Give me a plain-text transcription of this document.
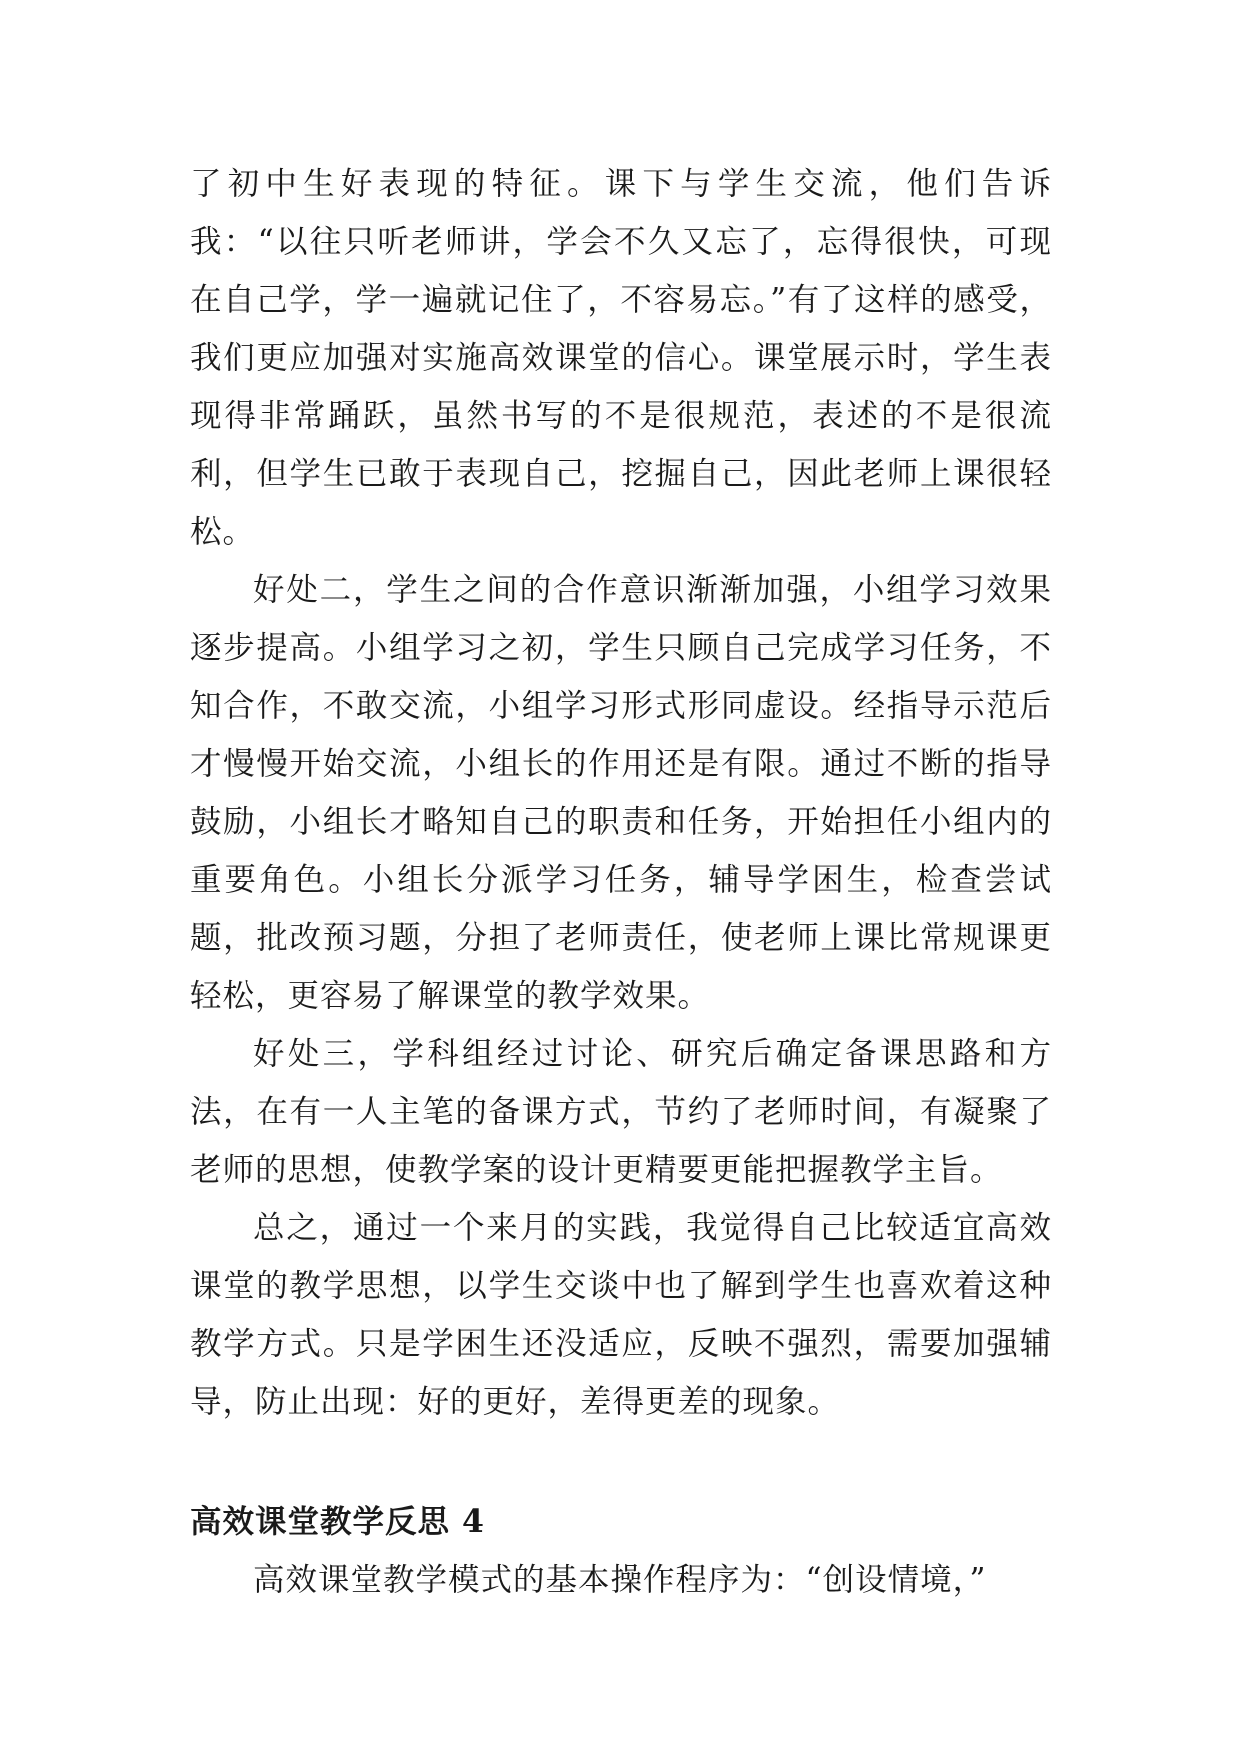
了初中生好表现的特征。课下与学生交流，他们告诉我：“以往只听老师讲，学会不久又忘了，忘得很快，可现在自己学，学一遍就记住了，不容易忘。”有了这样的感受，我们更应加强对实施高效课堂的信心。课堂展示时，学生表现得非常踊跃，虽然书写的不是很规范，表述的不是很流利，但学生已敢于表现自己，挖掘自己，因此老师上课很轻松。

好处二，学生之间的合作意识渐渐加强，小组学习效果逐步提高。小组学习之初，学生只顾自己完成学习任务，不知合作，不敢交流，小组学习形式形同虚设。经指导示范后才慢慢开始交流，小组长的作用还是有限。通过不断的指导鼓励，小组长才略知自己的职责和任务，开始担任小组内的重要角色。小组长分派学习任务，辅导学困生，检查尝试题，批改预习题，分担了老师责任，使老师上课比常规课更轻松，更容易了解课堂的教学效果。

好处三，学科组经过讨论、研究后确定备课思路和方法，在有一人主笔的备课方式，节约了老师时间，有凝聚了老师的思想，使教学案的设计更精要更能把握教学主旨。

总之，通过一个来月的实践，我觉得自己比较适宜高效课堂的教学思想，以学生交谈中也了解到学生也喜欢着这种教学方式。只是学困生还没适应，反映不强烈，需要加强辅导，防止出现：好的更好，差得更差的现象。

高效课堂教学反思 4

高效课堂教学模式的基本操作程序为：“创设情境，”
